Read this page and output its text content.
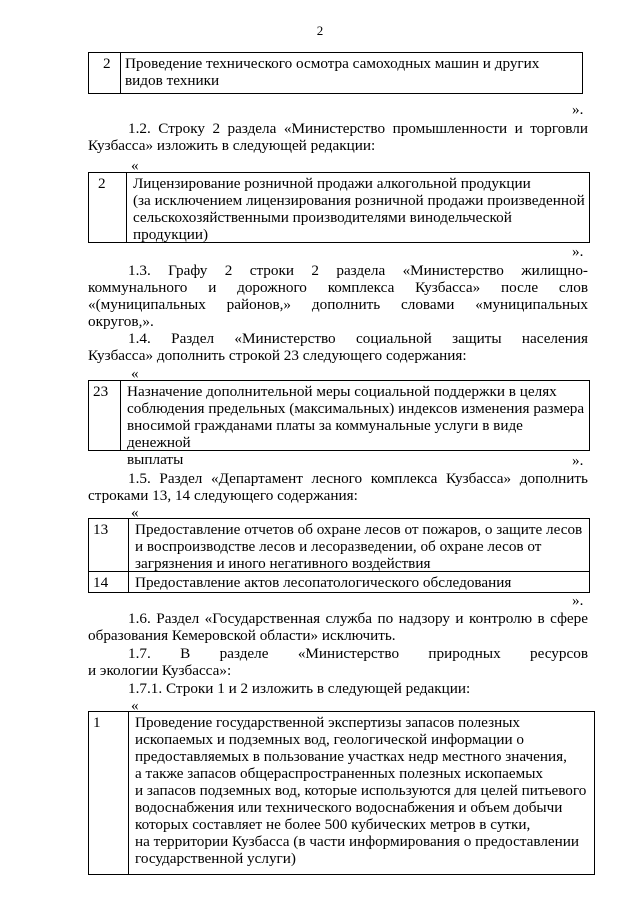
2
2 Проведение технического осмотра самоходных машин и других видов техники
».
1.2. Строку 2 раздела «Министерство промышленности и торговли
Кузбасса» изложить в следующей редакции:
«
2	Лицензирование розничной продажи алкогольной продукции
(за исключением лицензирования розничной продажи произведенной
сельскохозяйственными производителями винодельческой
продукции)
».
1.3. Графу 2 строки 2 раздела «Министерство жилищно-
коммунального и дорожного комплекса Кузбасса» после слов
«(муниципальных районов,» дополнить словами «муниципальных
округов,».
1.4. Раздел «Министерство социальной защиты населения
Кузбасса» дополнить строкой 23 следующего содержания:
«
23	Назначение дополнительной меры социальной поддержки в целях
соблюдения предельных (максимальных) индексов изменения размера
вносимой гражданами платы за коммунальные услуги в виде денежной
выплаты	».
1.5. Раздел «Департамент лесного комплекса Кузбасса» дополнить
строками 13, 14 следующего содержания:
«
13	Предоставление отчетов об охране лесов от пожаров, о защите лесов
и воспроизводстве лесов и лесоразведении, об охране лесов от
загрязнения и иного негативного воздействия
14	Предоставление актов лесопатологического обследования
».
1.6. Раздел «Государственная служба по надзору и контролю в сфере
образования Кемеровской области» исключить.
1.7. В разделе «Министерство природных ресурсов
и экологии Кузбасса»:
1.7.1. Строки 1 и 2 изложить в следующей редакции:
«
1	Проведение государственной экспертизы запасов полезных
ископаемых и подземных вод, геологической информации о
предоставляемых в пользование участках недр местного значения,
а также запасов общераспространенных полезных ископаемых
и запасов подземных вод, которые используются для целей питьевого
водоснабжения или технического водоснабжения и объем добычи
которых составляет не более 500 кубических метров в сутки,
на территории Кузбасса (в части информирования о предоставлении
государственной услуги)
